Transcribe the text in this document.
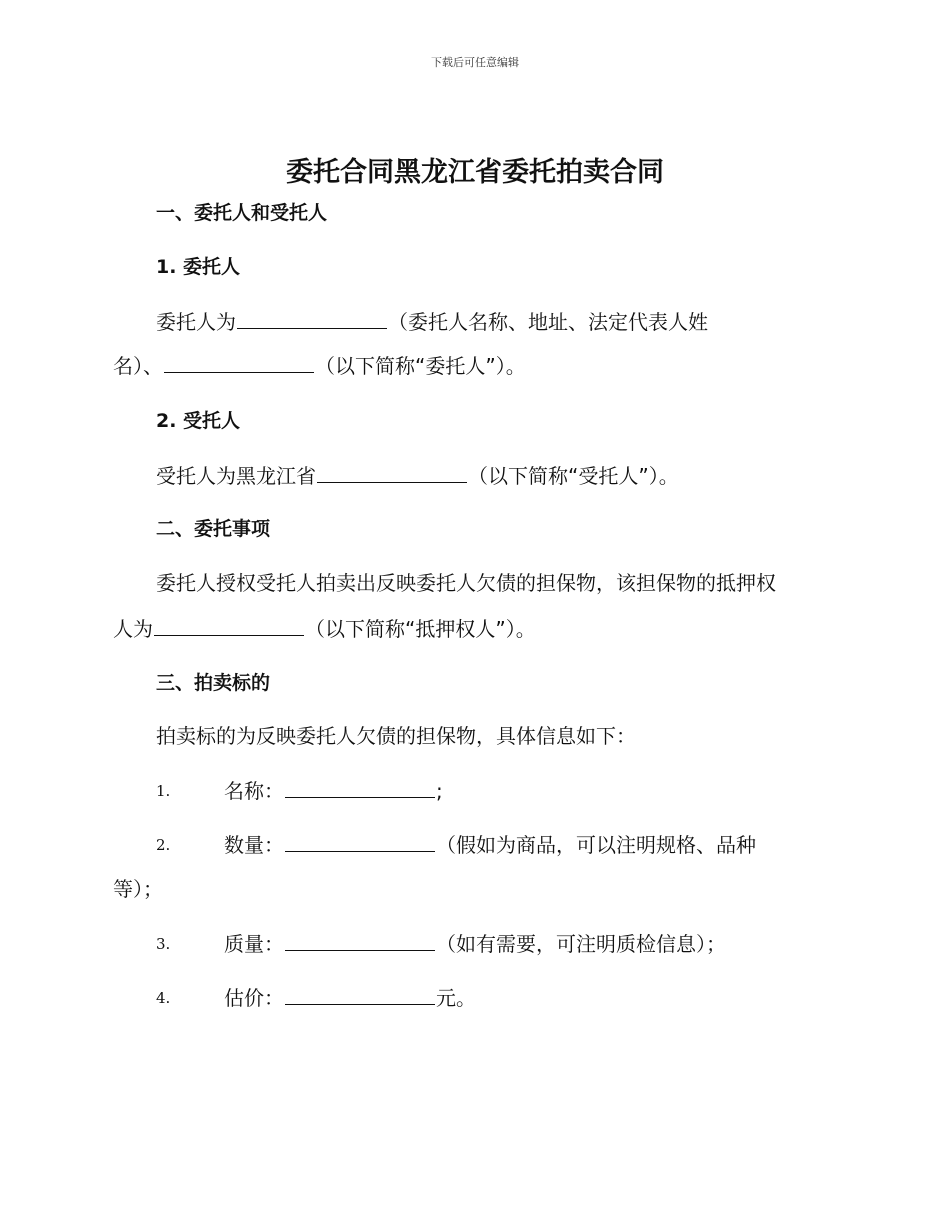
下载后可任意编辑
委托合同黑龙江省委托拍卖合同
一、委托人和受托人
1. 委托人
委托人为	（委托人名称、地址、法定代表人姓
名）、	（以下简称“委托人”）。
2. 受托人
受托人为黑龙江省	（以下简称“受托人”）。
二、委托事项
委托人授权受托人拍卖出反映委托人欠债的担保物，该担保物的抵押权
人为	（以下简称“抵押权人”）。
三、拍卖标的
拍卖标的为反映委托人欠债的担保物，具体信息如下：
1.	名称：	;
2.	数量：	（假如为商品，可以注明规格、品种
等）；
3.	质量：	（如有需要，可注明质检信息）；
4.	估价：	元。
